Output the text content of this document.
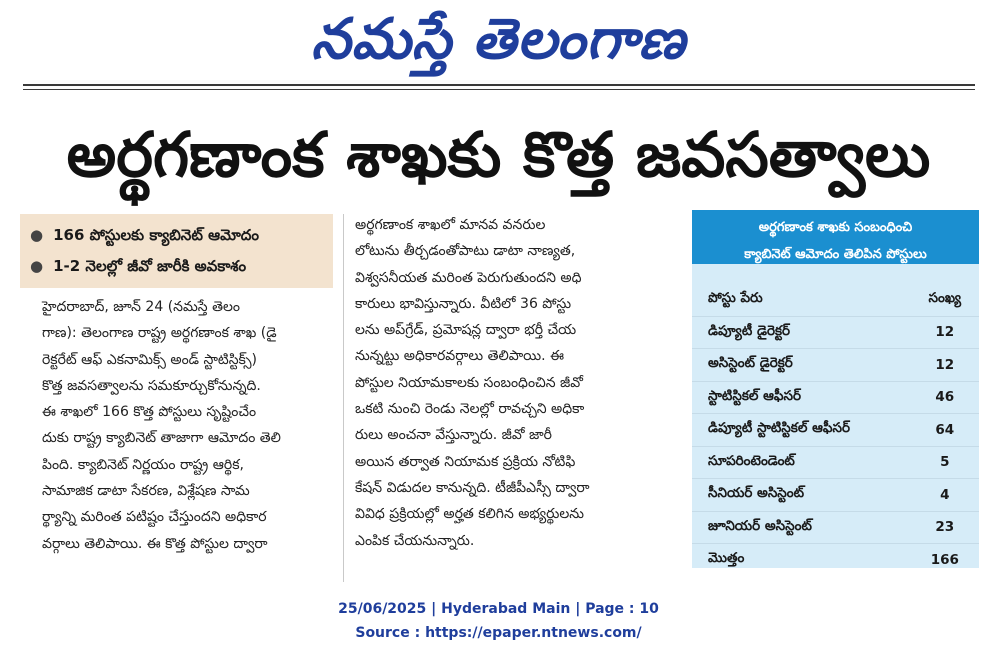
నమస్తే తెలంగాణ
అర్థగణాంక శాఖకు కొత్త జవసత్వాలు
● 166 పోస్టులకు క్యాబినెట్‌ ఆమోదం
● 1-2 నెలల్లో జీవో జారీకి అవకాశం
హైదరాబాద్‌, జూన్‌ 24 (నమస్తే తెలం
గాణ): తెలంగాణ రాష్ట్ర అర్థగణాంక శాఖ (డై
రెక్టరేట్‌ ఆఫ్‌ ఎకనామిక్స్‌ అండ్‌ స్టాటిస్టిక్స్‌)
కొత్త జవసత్వాలను సమకూర్చుకోనున్నది.
ఈ శాఖలో 166 కొత్త పోస్టులు సృష్టించేం
దుకు రాష్ట్ర క్యాబినెట్‌ తాజాగా ఆమోదం తెలి
పింది. క్యాబినెట్‌ నిర్ణయం రాష్ట్ర ఆర్థిక,
సామాజిక డాటా సేకరణ, విశ్లేషణ సామ
ర్థ్యాన్ని మరింత పటిష్టం చేస్తుందని అధికార
వర్గాలు తెలిపాయి. ఈ కొత్త పోస్టుల ద్వారా
అర్థగణాంక శాఖలో మానవ వనరుల
లోటును తీర్చడంతోపాటు డాటా నాణ్యత,
విశ్వసనీయత మరింత పెరుగుతుందని అధి
కారులు భావిస్తున్నారు. వీటిలో 36 పోస్టు
లను అప్‌గ్రేడ్‌, ప్రమోషన్ల ద్వారా భర్తీ చేయ
నున్నట్టు అధికారవర్గాలు తెలిపాయి. ఈ
పోస్టుల నియామకాలకు సంబంధించిన జీవో
ఒకటి నుంచి రెండు నెలల్లో రావచ్చని అధికా
రులు అంచనా వేస్తున్నారు. జీవో జారీ
అయిన తర్వాత నియామక ప్రక్రియ నోటిఫి
కేషన్‌ విడుదల కానున్నది. టీజీపీఎస్సీ ద్వారా
వివిధ ప్రక్రియల్లో అర్హత కలిగిన అభ్యర్థులను
ఎంపిక చేయనున్నారు.
అర్థగణాంక శాఖకు సంబంధించి
క్యాబినెట్‌ ఆమోదం తెలిపిన పోస్టులు
పోస్టు పేరు	సంఖ్య
డిప్యూటీ డైరెక్టర్‌	12
అసిస్టెంట్‌ డైరెక్టర్‌	12
స్టాటిస్టికల్‌ ఆఫీసర్‌	46
డిప్యూటీ స్టాటిస్టికల్‌ ఆఫీసర్‌	64
సూపరింటెండెంట్‌	5
సీనియర్‌ అసిస్టెంట్‌	4
జూనియర్‌ అసిస్టెంట్‌	23
మొత్తం	166
25/06/2025 | Hyderabad Main | Page : 10
Source : https://epaper.ntnews.com/
